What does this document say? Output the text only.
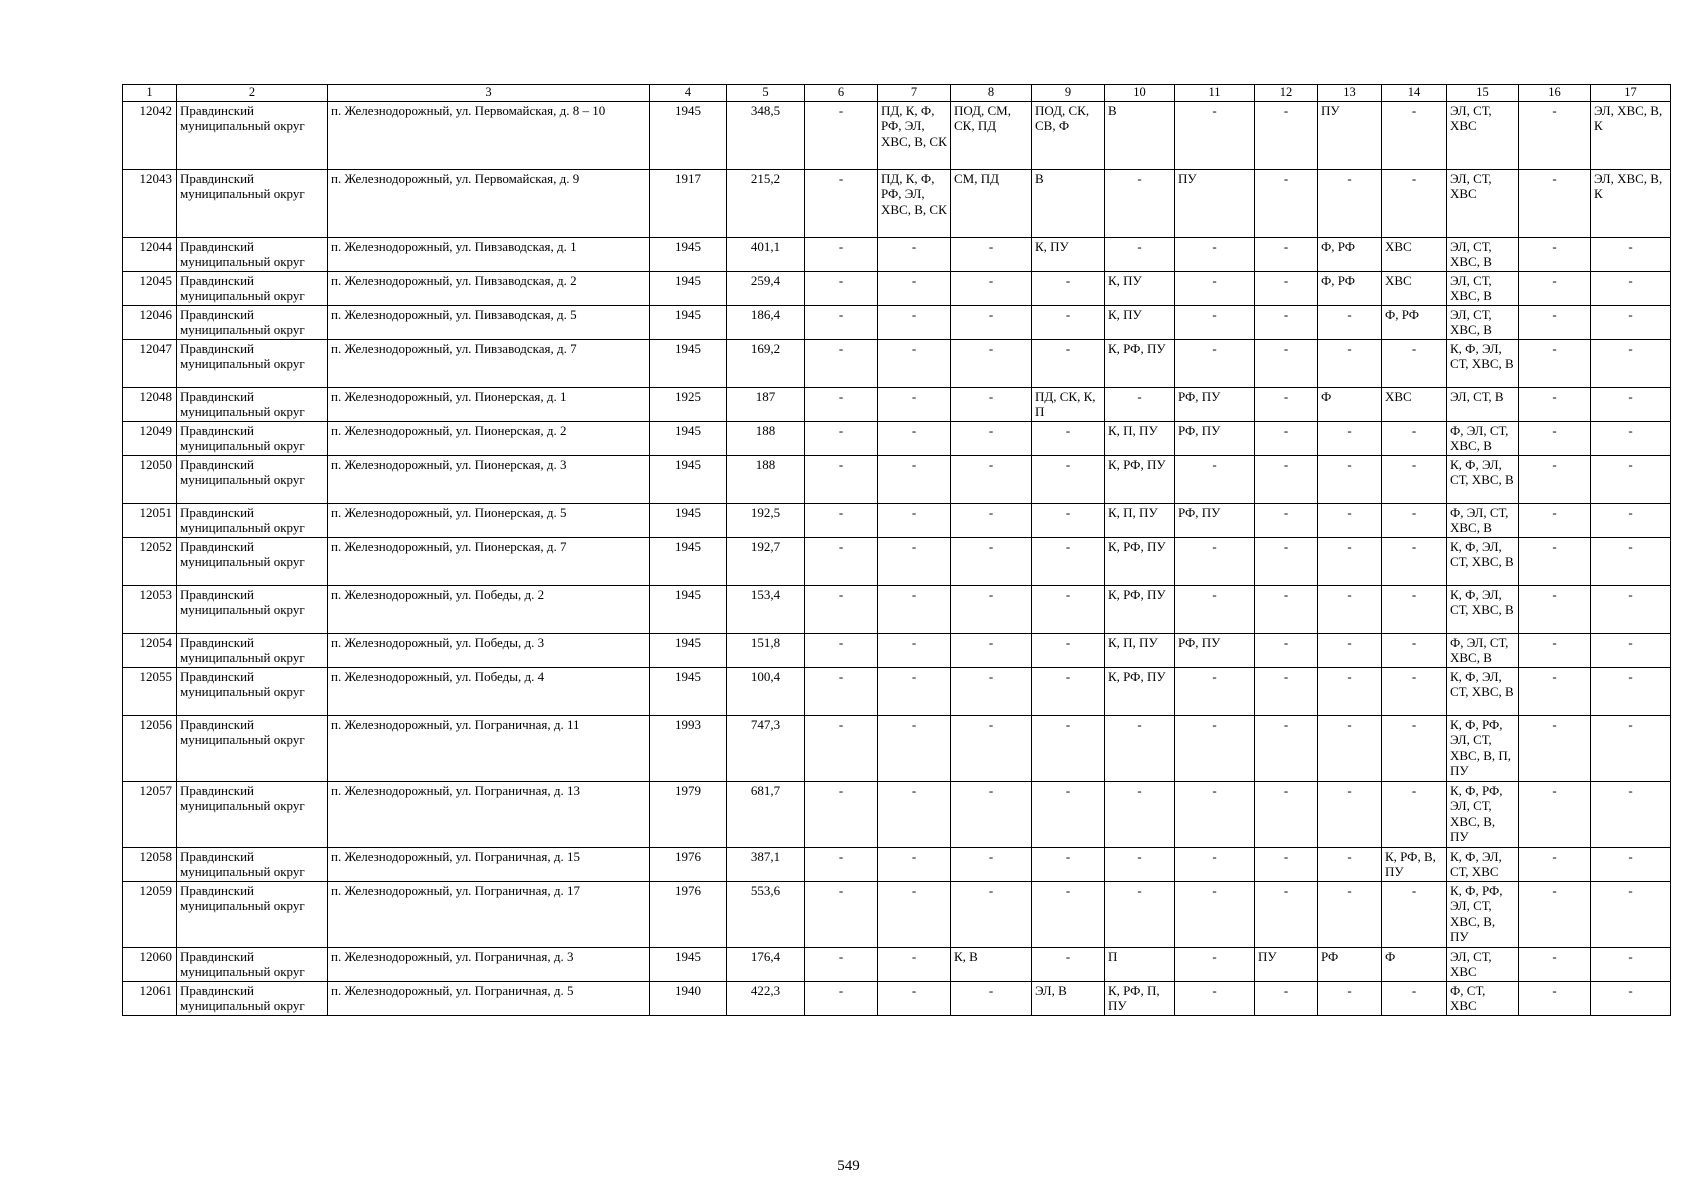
1	2	3	4	5	6	7	8	9	10	11	12	13	14	15	16	17
12042	Правдинский муниципальный округ	п. Железнодорожный, ул. Первомайская, д. 8 – 10	1945	348,5	-	ПД, К, Ф, РФ, ЭЛ, ХВС, В, СК	ПОД, СМ, СК, ПД	ПОД, СК, СВ, Ф	В	-	-	ПУ	-	ЭЛ, СТ, ХВС	-	ЭЛ, ХВС, В, К
12043	Правдинский муниципальный округ	п. Железнодорожный, ул. Первомайская, д. 9	1917	215,2	-	ПД, К, Ф, РФ, ЭЛ, ХВС, В, СК	СМ, ПД	В	-	ПУ	-	-	-	ЭЛ, СТ, ХВС	-	ЭЛ, ХВС, В, К
12044	Правдинский муниципальный округ	п. Железнодорожный, ул. Пивзаводская, д. 1	1945	401,1	-	-	-	К, ПУ	-	-	-	Ф, РФ	ХВС	ЭЛ, СТ, ХВС, В	-	-
12045	Правдинский муниципальный округ	п. Железнодорожный, ул. Пивзаводская, д. 2	1945	259,4	-	-	-	-	К, ПУ	-	-	Ф, РФ	ХВС	ЭЛ, СТ, ХВС, В	-	-
12046	Правдинский муниципальный округ	п. Железнодорожный, ул. Пивзаводская, д. 5	1945	186,4	-	-	-	-	К, ПУ	-	-	-	Ф, РФ	ЭЛ, СТ, ХВС, В	-	-
12047	Правдинский муниципальный округ	п. Железнодорожный, ул. Пивзаводская, д. 7	1945	169,2	-	-	-	-	К, РФ, ПУ	-	-	-	-	К, Ф, ЭЛ, СТ, ХВС, В	-	-
12048	Правдинский муниципальный округ	п. Железнодорожный, ул. Пионерская, д. 1	1925	187	-	-	-	ПД, СК, К, П	-	РФ, ПУ	-	Ф	ХВС	ЭЛ, СТ, В	-	-
12049	Правдинский муниципальный округ	п. Железнодорожный, ул. Пионерская, д. 2	1945	188	-	-	-	-	К, П, ПУ	РФ, ПУ	-	-	-	Ф, ЭЛ, СТ, ХВС, В	-	-
12050	Правдинский муниципальный округ	п. Железнодорожный, ул. Пионерская, д. 3	1945	188	-	-	-	-	К, РФ, ПУ	-	-	-	-	К, Ф, ЭЛ, СТ, ХВС, В	-	-
12051	Правдинский муниципальный округ	п. Железнодорожный, ул. Пионерская, д. 5	1945	192,5	-	-	-	-	К, П, ПУ	РФ, ПУ	-	-	-	Ф, ЭЛ, СТ, ХВС, В	-	-
12052	Правдинский муниципальный округ	п. Железнодорожный, ул. Пионерская, д. 7	1945	192,7	-	-	-	-	К, РФ, ПУ	-	-	-	-	К, Ф, ЭЛ, СТ, ХВС, В	-	-
12053	Правдинский муниципальный округ	п. Железнодорожный, ул. Победы, д. 2	1945	153,4	-	-	-	-	К, РФ, ПУ	-	-	-	-	К, Ф, ЭЛ, СТ, ХВС, В	-	-
12054	Правдинский муниципальный округ	п. Железнодорожный, ул. Победы, д. 3	1945	151,8	-	-	-	-	К, П, ПУ	РФ, ПУ	-	-	-	Ф, ЭЛ, СТ, ХВС, В	-	-
12055	Правдинский муниципальный округ	п. Железнодорожный, ул. Победы, д. 4	1945	100,4	-	-	-	-	К, РФ, ПУ	-	-	-	-	К, Ф, ЭЛ, СТ, ХВС, В	-	-
12056	Правдинский муниципальный округ	п. Железнодорожный, ул. Пограничная, д. 11	1993	747,3	-	-	-	-	-	-	-	-	-	К, Ф, РФ, ЭЛ, СТ, ХВС, В, П, ПУ	-	-
12057	Правдинский муниципальный округ	п. Железнодорожный, ул. Пограничная, д. 13	1979	681,7	-	-	-	-	-	-	-	-	-	К, Ф, РФ, ЭЛ, СТ, ХВС, В, ПУ	-	-
12058	Правдинский муниципальный округ	п. Железнодорожный, ул. Пограничная, д. 15	1976	387,1	-	-	-	-	-	-	-	-	К, РФ, В, ПУ	К, Ф, ЭЛ, СТ, ХВС	-	-
12059	Правдинский муниципальный округ	п. Железнодорожный, ул. Пограничная, д. 17	1976	553,6	-	-	-	-	-	-	-	-	-	К, Ф, РФ, ЭЛ, СТ, ХВС, В, ПУ	-	-
12060	Правдинский муниципальный округ	п. Железнодорожный, ул. Пограничная, д. 3	1945	176,4	-	-	К, В	-	П	-	ПУ	РФ	Ф	ЭЛ, СТ, ХВС	-	-
12061	Правдинский муниципальный округ	п. Железнодорожный, ул. Пограничная, д. 5	1940	422,3	-	-	-	ЭЛ, В	К, РФ, П, ПУ	-	-	-	-	Ф, СТ, ХВС	-	-
549
